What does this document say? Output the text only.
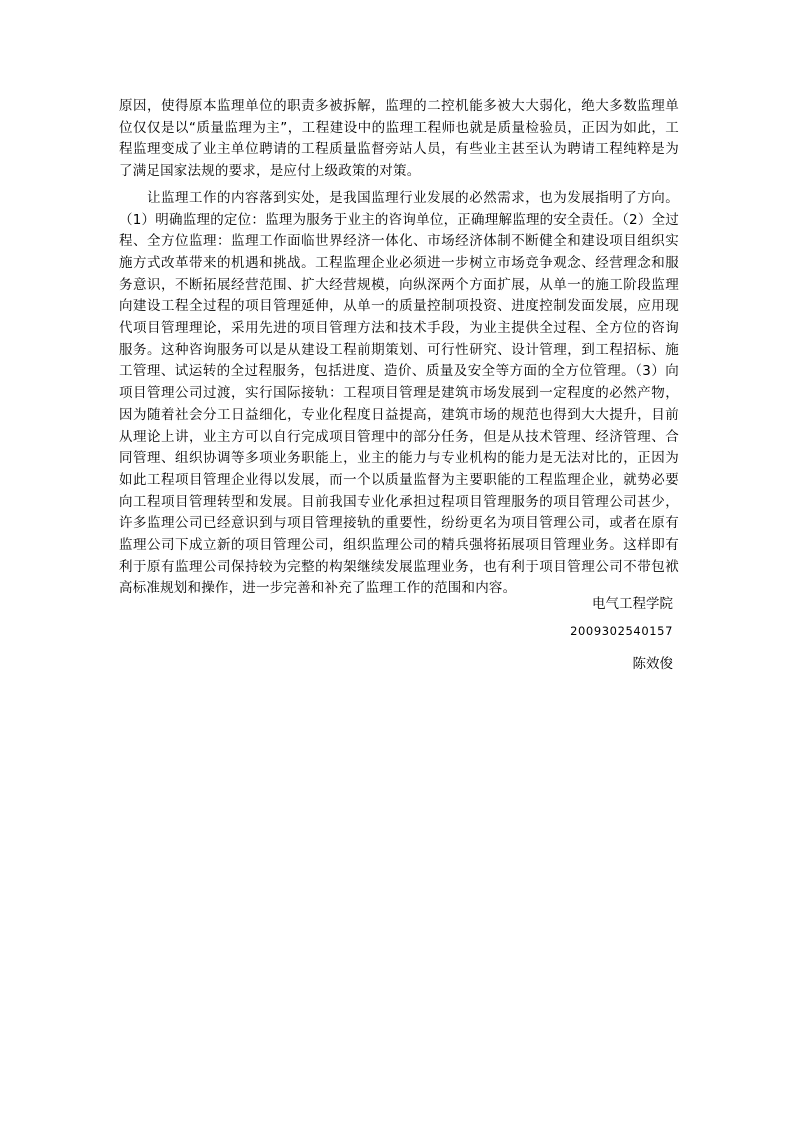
原因，使得原本监理单位的职责多被拆解，监理的二控机能多被大大弱化，绝大多数监理单位仅仅是以“质量监理为主”，工程建设中的监理工程师也就是质量检验员，正因为如此，工程监理变成了业主单位聘请的工程质量监督旁站人员，有些业主甚至认为聘请工程纯粹是为了满足国家法规的要求，是应付上级政策的对策。

让监理工作的内容落到实处，是我国监理行业发展的必然需求，也为发展指明了方向。（1）明确监理的定位：监理为服务于业主的咨询单位，正确理解监理的安全责任。（2）全过程、全方位监理：监理工作面临世界经济一体化、市场经济体制不断健全和建设项目组织实施方式改革带来的机遇和挑战。工程监理企业必须进一步树立市场竞争观念、经营理念和服务意识，不断拓展经营范围、扩大经营规模，向纵深两个方面扩展，从单一的施工阶段监理向建设工程全过程的项目管理延伸，从单一的质量控制项投资、进度控制发面发展，应用现代项目管理理论，采用先进的项目管理方法和技术手段，为业主提供全过程、全方位的咨询服务。这种咨询服务可以是从建设工程前期策划、可行性研究、设计管理，到工程招标、施工管理、试运转的全过程服务，包括进度、造价、质量及安全等方面的全方位管理。（3）向项目管理公司过渡，实行国际接轨：工程项目管理是建筑市场发展到一定程度的必然产物，因为随着社会分工日益细化，专业化程度日益提高，建筑市场的规范也得到大大提升，目前从理论上讲，业主方可以自行完成项目管理中的部分任务，但是从技术管理、经济管理、合同管理、组织协调等多项业务职能上，业主的能力与专业机构的能力是无法对比的，正因为如此工程项目管理企业得以发展，而一个以质量监督为主要职能的工程监理企业，就势必要向工程项目管理转型和发展。目前我国专业化承担过程项目管理服务的项目管理公司甚少，许多监理公司已经意识到与项目管理接轨的重要性，纷纷更名为项目管理公司，或者在原有监理公司下成立新的项目管理公司，组织监理公司的精兵强将拓展项目管理业务。这样即有利于原有监理公司保持较为完整的构架继续发展监理业务，也有利于项目管理公司不带包袱高标准规划和操作，进一步完善和补充了监理工作的范围和内容。

电气工程学院
2009302540157
陈效俊
